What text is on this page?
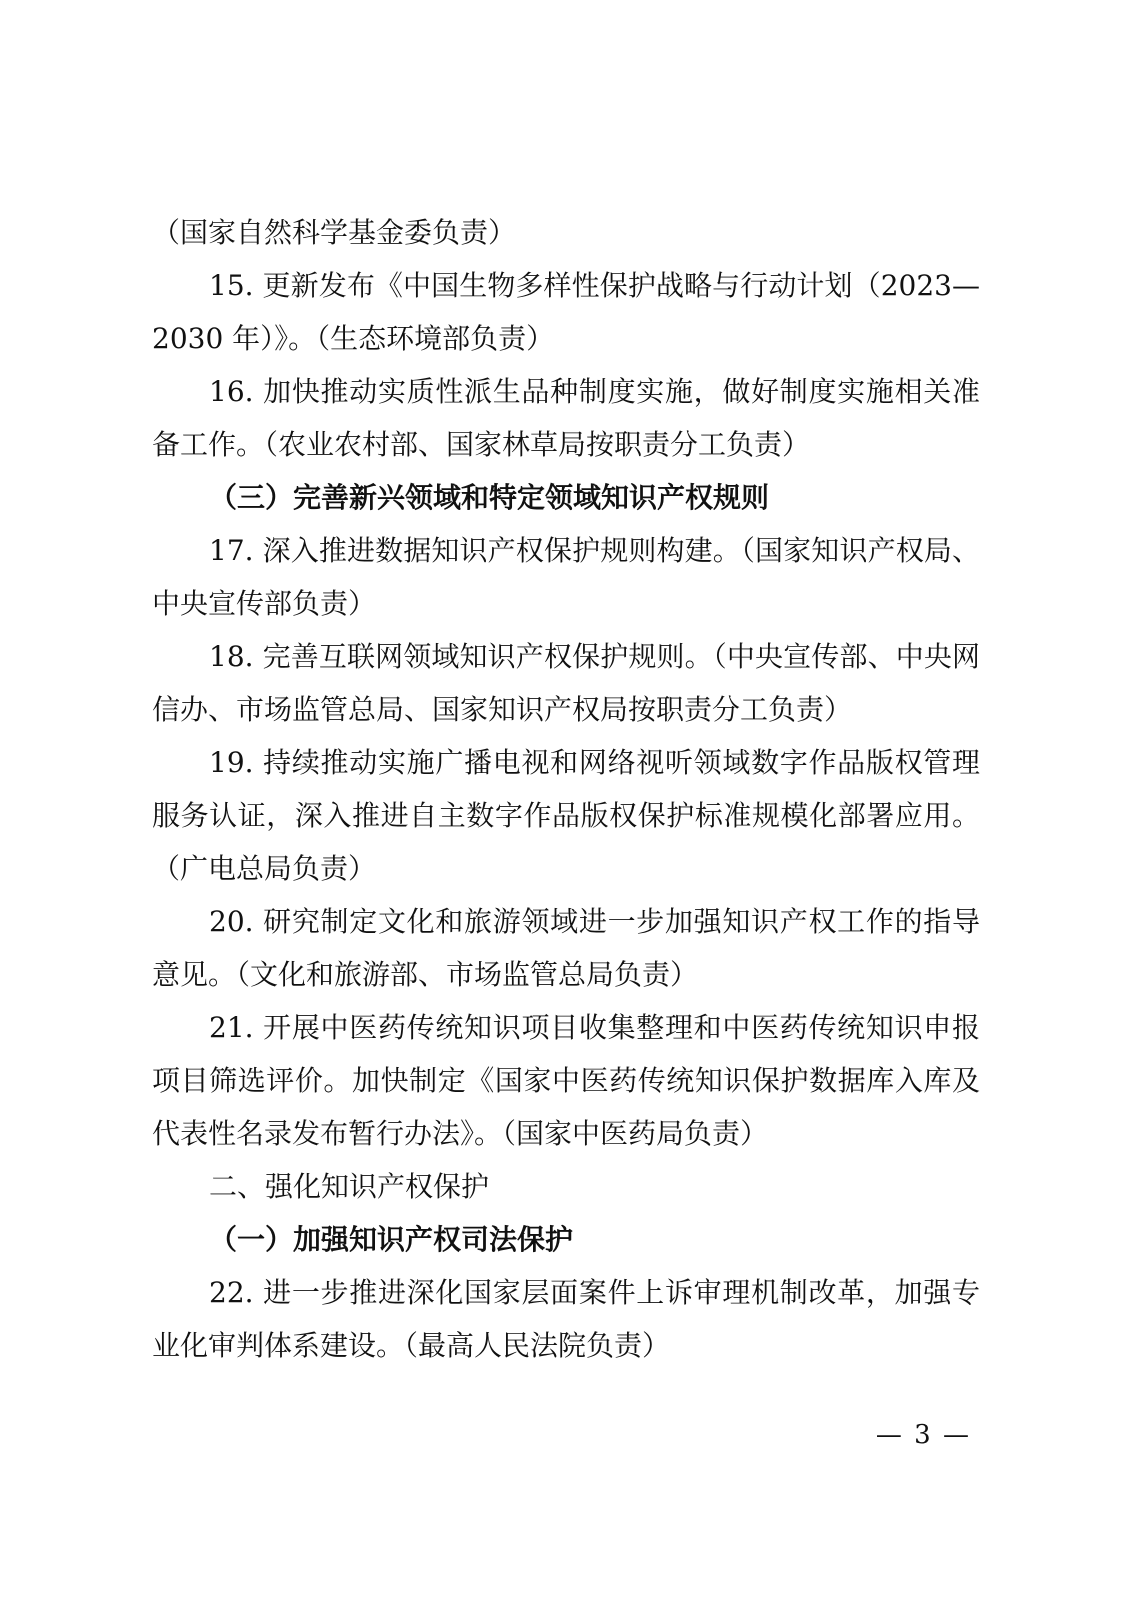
（国家自然科学基金委负责）

15. 更新发布《中国生物多样性保护战略与行动计划（2023—2030 年）》。（生态环境部负责）

16. 加快推动实质性派生品种制度实施，做好制度实施相关准备工作。（农业农村部、国家林草局按职责分工负责）

（三）完善新兴领域和特定领域知识产权规则

17. 深入推进数据知识产权保护规则构建。（国家知识产权局、中央宣传部负责）

18. 完善互联网领域知识产权保护规则。（中央宣传部、中央网信办、市场监管总局、国家知识产权局按职责分工负责）

19. 持续推动实施广播电视和网络视听领域数字作品版权管理服务认证，深入推进自主数字作品版权保护标准规模化部署应用。（广电总局负责）

20. 研究制定文化和旅游领域进一步加强知识产权工作的指导意见。（文化和旅游部、市场监管总局负责）

21. 开展中医药传统知识项目收集整理和中医药传统知识申报项目筛选评价。加快制定《国家中医药传统知识保护数据库入库及代表性名录发布暂行办法》。（国家中医药局负责）

二、强化知识产权保护

（一）加强知识产权司法保护

22. 进一步推进深化国家层面案件上诉审理机制改革，加强专业化审判体系建设。（最高人民法院负责）

— 3 —
